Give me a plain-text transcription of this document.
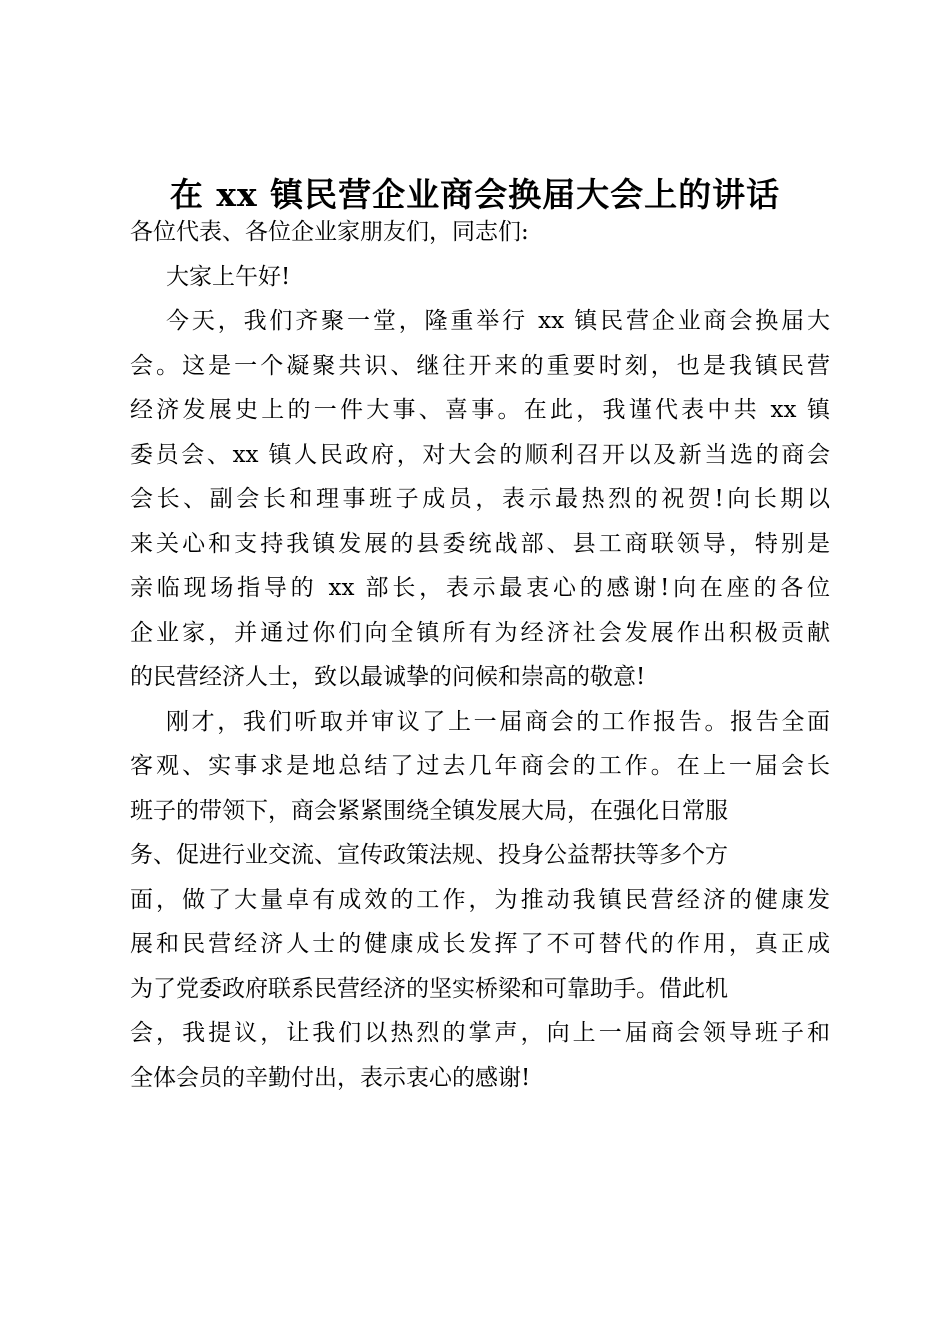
在 xx 镇民营企业商会换届大会上的讲话
各位代表、各位企业家朋友们，同志们:
大家上午好!
今天，我们齐聚一堂，隆重举行 xx 镇民营企业商会换届大
会。这是一个凝聚共识、继往开来的重要时刻，也是我镇民营
经济发展史上的一件大事、喜事。在此，我谨代表中共 xx 镇
委员会、xx 镇人民政府，对大会的顺利召开以及新当选的商会
会长、副会长和理事班子成员，表示最热烈的祝贺!向长期以
来关心和支持我镇发展的县委统战部、县工商联领导，特别是
亲临现场指导的 xx 部长，表示最衷心的感谢!向在座的各位
企业家，并通过你们向全镇所有为经济社会发展作出积极贡献
的民营经济人士，致以最诚挚的问候和崇高的敬意!
刚才，我们听取并审议了上一届商会的工作报告。报告全面
客观、实事求是地总结了过去几年商会的工作。在上一届会长
班子的带领下，商会紧紧围绕全镇发展大局，在强化日常服
务、促进行业交流、宣传政策法规、投身公益帮扶等多个方
面，做了大量卓有成效的工作，为推动我镇民营经济的健康发
展和民营经济人士的健康成长发挥了不可替代的作用，真正成
为了党委政府联系民营经济的坚实桥梁和可靠助手。借此机
会，我提议，让我们以热烈的掌声，向上一届商会领导班子和
全体会员的辛勤付出，表示衷心的感谢!
